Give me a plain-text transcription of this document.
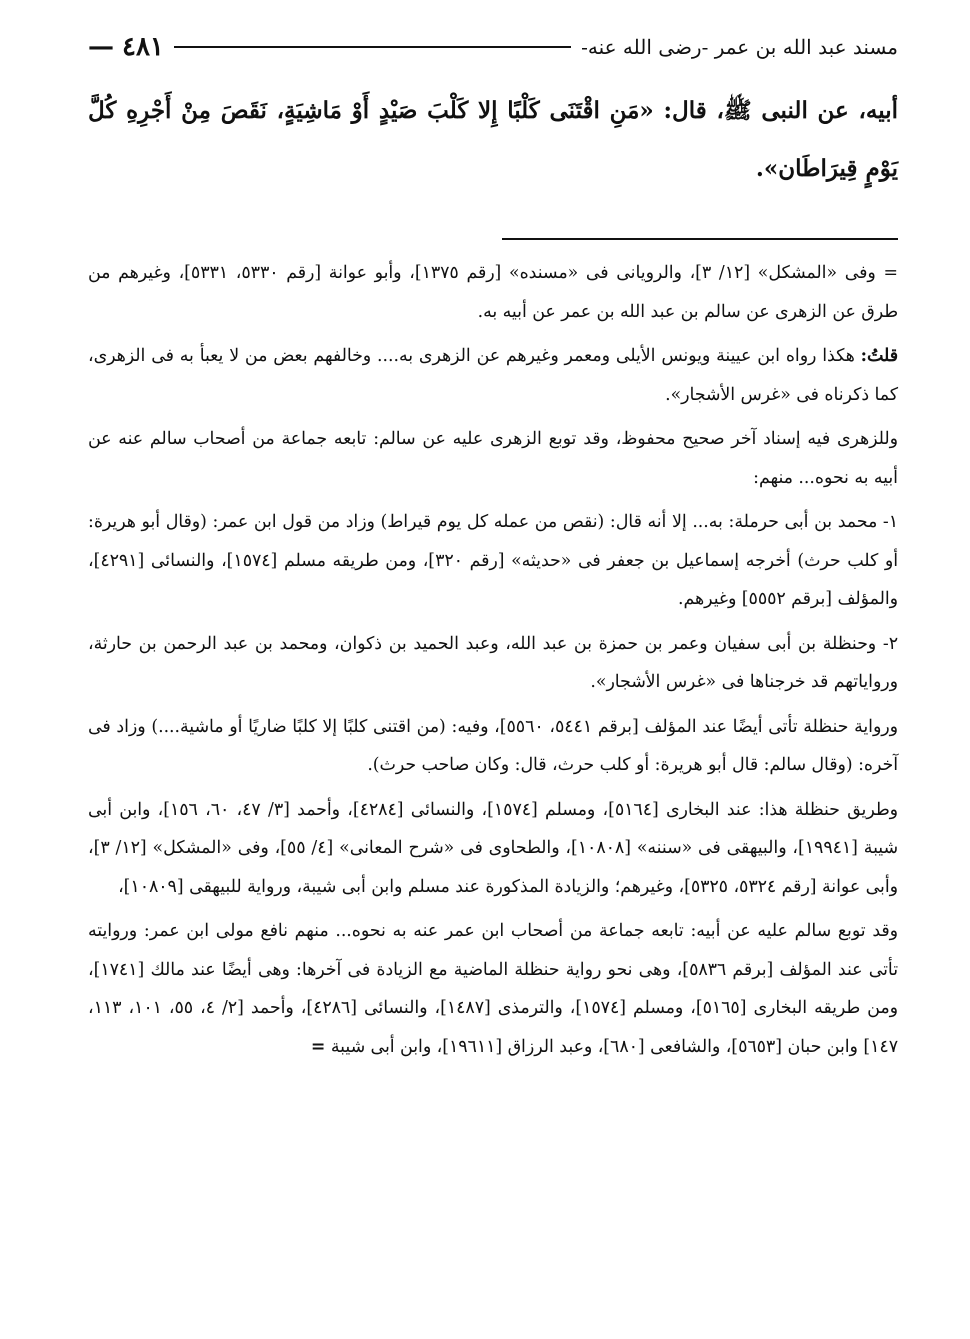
مسند عبد الله بن عمر -رضى الله عنه-
٤٨١
—
أبيه، عن النبى ﷺ، قال: «مَنِ اقْتَنَى كَلْبًا إِلا كَلْبَ صَيْدٍ أَوْ مَاشِيَةٍ، نَقَصَ مِنْ أَجْرِهِ كُلَّ يَوْمٍ قِيرَاطَان».

= وفى «المشكل» [١٢/ ٣]، والرويانى فى «مسنده» [رقم ١٣٧٥]، وأبو عوانة [رقم ٥٣٣٠، ٥٣٣١]، وغيرهم من طرق عن الزهرى عن سالم بن عبد الله بن عمر عن أبيه به.

قلتُ: هكذا رواه ابن عيينة ويونس الأيلى ومعمر وغيرهم عن الزهرى به.... وخالفهم بعض من لا يعبأ به فى الزهرى، كما ذكرناه فى «غرس الأشجار».

وللزهرى فيه إسناد آخر صحيح محفوظ، وقد توبع الزهرى عليه عن سالم: تابعه جماعة من أصحاب سالم عنه عن أبيه به نحوه... منهم:

١- محمد بن أبى حرملة: به... إلا أنه قال: (نقص من عمله كل يوم قيراط) وزاد من قول ابن عمر: (وقال أبو هريرة: أو كلب حرث) أخرجه إسماعيل بن جعفر فى «حديثه» [رقم ٣٢٠]، ومن طريقه مسلم [١٥٧٤]، والنسائى [٤٢٩١]، والمؤلف [برقم ٥٥٥٢] وغيرهم.

٢- وحنظلة بن أبى سفيان وعمر بن حمزة بن عبد الله، وعبد الحميد بن ذكوان، ومحمد بن عبد الرحمن بن حارثة، ورواياتهم قد خرجناها فى «غرس الأشجار».

ورواية حنظلة تأتى أيضًا عند المؤلف [برقم ٥٤٤١، ٥٥٦٠]، وفيه: (من اقتنى كلبًا إلا كلبًا ضاريًا أو ماشية....) وزاد فى آخره: (وقال سالم: قال أبو هريرة: أو كلب حرث، قال: وكان صاحب حرث).

وطريق حنظلة هذا: عند البخارى [٥١٦٤]، ومسلم [١٥٧٤]، والنسائى [٤٢٨٤]، وأحمد [٣/ ٤٧، ٦٠، ١٥٦]، وابن أبى شيبة [١٩٩٤١]، والبيهقى فى «سننه» [١٠٨٠٨]، والطحاوى فى «شرح المعانى» [٤/ ٥٥]، وفى «المشكل» [١٢/ ٣]، وأبى عوانة [رقم ٥٣٢٤، ٥٣٢٥]، وغيرهم؛ والزيادة المذكورة عند مسلم وابن أبى شيبة، ورواية للبيهقى [١٠٨٠٩]،

وقد توبع سالم عليه عن أبيه: تابعه جماعة من أصحاب ابن عمر عنه به نحوه... منهم نافع مولى ابن عمر: وروايته تأتى عند المؤلف [برقم ٥٨٣٦]، وهى نحو رواية حنظلة الماضية مع الزيادة فى آخرها: وهى أيضًا عند مالك [١٧٤١]، ومن طريقه البخارى [٥١٦٥]، ومسلم [١٥٧٤]، والترمذى [١٤٨٧]، والنسائى [٤٢٨٦]، وأحمد [٢/ ٤، ٥٥، ١٠١، ١١٣، ١٤٧] وابن حبان [٥٦٥٣]، والشافعى [٦٨٠]، وعبد الرزاق [١٩٦١١]، وابن أبى شيبة =
